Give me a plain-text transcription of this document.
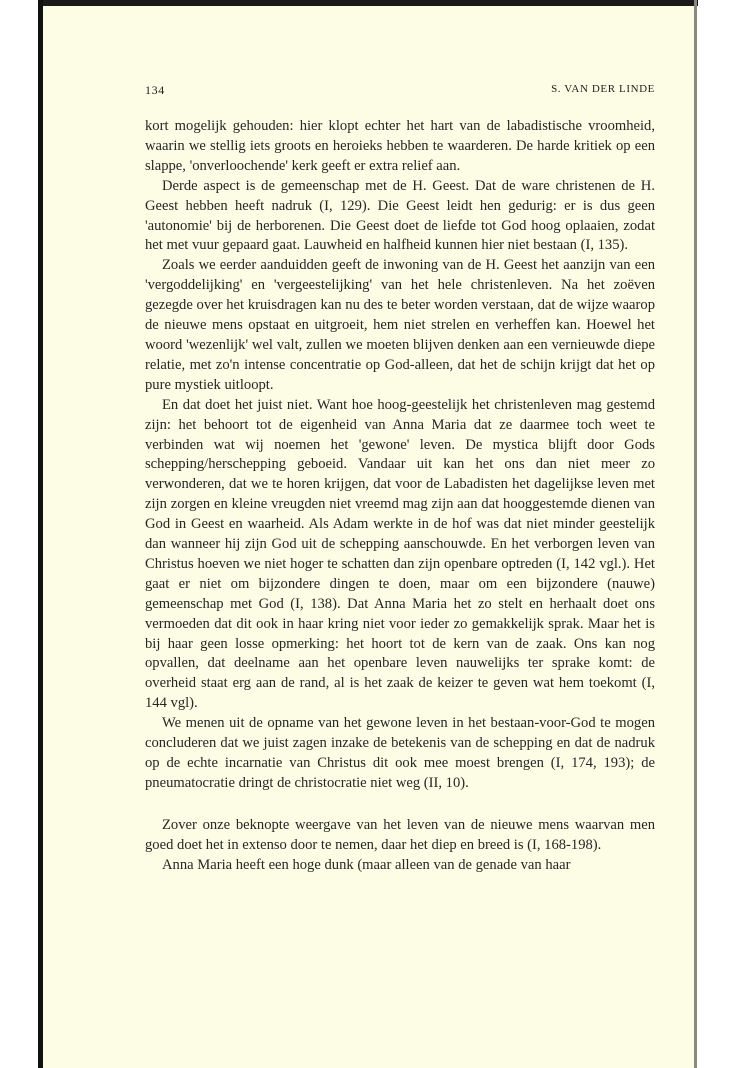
134	S. VAN DER LINDE

kort mogelijk gehouden: hier klopt echter het hart van de labadistische vroomheid, waarin we stellig iets groots en heroieks hebben te waarderen. De harde kritiek op een slappe, 'onverloochende' kerk geeft er extra relief aan.

Derde aspect is de gemeenschap met de H. Geest. Dat de ware christenen de H. Geest hebben heeft nadruk (I, 129). Die Geest leidt hen gedurig: er is dus geen 'autonomie' bij de herborenen. Die Geest doet de liefde tot God hoog oplaaien, zodat het met vuur gepaard gaat. Lauwheid en halfheid kunnen hier niet bestaan (I, 135).

Zoals we eerder aanduidden geeft de inwoning van de H. Geest het aanzijn van een 'vergoddelijking' en 'vergeestelijking' van het hele christenleven. Na het zoëven gezegde over het kruisdragen kan nu des te beter worden verstaan, dat de wijze waarop de nieuwe mens opstaat en uitgroeit, hem niet strelen en verheffen kan. Hoewel het woord 'wezenlijk' wel valt, zullen we moeten blijven denken aan een vernieuwde diepe relatie, met zo'n intense concentratie op God-alleen, dat het de schijn krijgt dat het op pure mystiek uitloopt.

En dat doet het juist niet. Want hoe hoog-geestelijk het christenleven mag gestemd zijn: het behoort tot de eigenheid van Anna Maria dat ze daarmee toch weet te verbinden wat wij noemen het 'gewone' leven. De mystica blijft door Gods schepping/herschepping geboeid. Vandaar uit kan het ons dan niet meer zo verwonderen, dat we te horen krijgen, dat voor de Labadisten het dagelijkse leven met zijn zorgen en kleine vreugden niet vreemd mag zijn aan dat hooggestemde dienen van God in Geest en waarheid. Als Adam werkte in de hof was dat niet minder geestelijk dan wanneer hij zijn God uit de schepping aanschouwde. En het verborgen leven van Christus hoeven we niet hoger te schatten dan zijn openbare optreden (I, 142 vgl.). Het gaat er niet om bijzondere dingen te doen, maar om een bijzondere (nauwe) gemeenschap met God (I, 138). Dat Anna Maria het zo stelt en herhaalt doet ons vermoeden dat dit ook in haar kring niet voor ieder zo gemakkelijk sprak. Maar het is bij haar geen losse opmerking: het hoort tot de kern van de zaak. Ons kan nog opvallen, dat deelname aan het openbare leven nauwelijks ter sprake komt: de overheid staat erg aan de rand, al is het zaak de keizer te geven wat hem toekomt (I, 144 vgl).

We menen uit de opname van het gewone leven in het bestaan-voor-God te mogen concluderen dat we juist zagen inzake de betekenis van de schepping en dat de nadruk op de echte incarnatie van Christus dit ook mee moest brengen (I, 174, 193); de pneumatocratie dringt de christocratie niet weg (II, 10).

Zover onze beknopte weergave van het leven van de nieuwe mens waarvan men goed doet het in extenso door te nemen, daar het diep en breed is (I, 168-198).

Anna Maria heeft een hoge dunk (maar alleen van de genade van haar
